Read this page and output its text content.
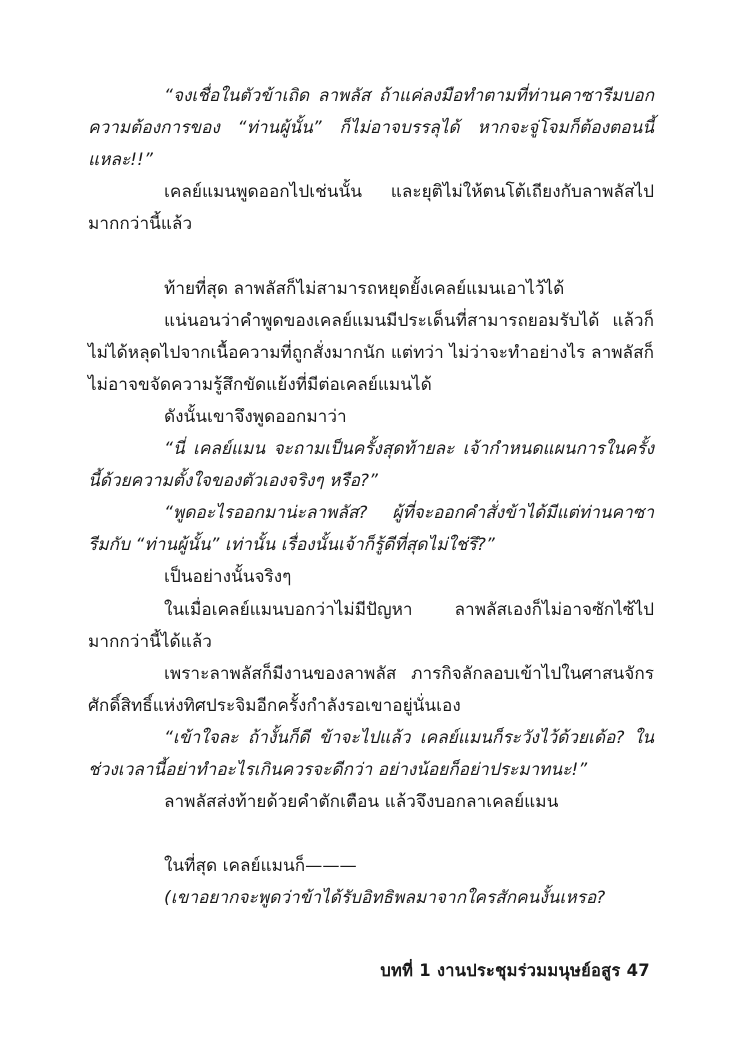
“จงเชื่อในตัวข้าเถิด ลาพลัส ถ้าแค่ลงมือทำตามที่ท่านคาซารีมบอก ความต้องการของ “ท่านผู้นั้น” ก็ไม่อาจบรรลุได้ หากจะจู่โจมก็ต้องตอนนี้แหละ!!”

เคลย์แมนพูดออกไปเช่นนั้น และยุติไม่ให้ตนโต้เถียงกับลาพลัสไปมากกว่านี้แล้ว

ท้ายที่สุด ลาพลัสก็ไม่สามารถหยุดยั้งเคลย์แมนเอาไว้ได้

แน่นอนว่าคำพูดของเคลย์แมนมีประเด็นที่สามารถยอมรับได้ แล้วก็ไม่ได้หลุดไปจากเนื้อความที่ถูกสั่งมากนัก แต่ทว่า ไม่ว่าจะทำอย่างไร ลาพลัสก็ไม่อาจขจัดความรู้สึกขัดแย้งที่มีต่อเคลย์แมนได้

ดังนั้นเขาจึงพูดออกมาว่า

“นี่ เคลย์แมน จะถามเป็นครั้งสุดท้ายละ เจ้ากำหนดแผนการในครั้งนี้ด้วยความตั้งใจของตัวเองจริงๆ หรือ?”

“พูดอะไรออกมาน่ะลาพลัส? ผู้ที่จะออกคำสั่งข้าได้มีแต่ท่านคาซารีมกับ “ท่านผู้นั้น” เท่านั้น เรื่องนั้นเจ้าก็รู้ดีที่สุดไม่ใช่รึ?”

เป็นอย่างนั้นจริงๆ

ในเมื่อเคลย์แมนบอกว่าไม่มีปัญหา ลาพลัสเองก็ไม่อาจซักไซ้ไปมากกว่านี้ได้แล้ว

เพราะลาพลัสก็มีงานของลาพลัส ภารกิจลักลอบเข้าไปในศาสนจักรศักดิ์สิทธิ์แห่งทิศประจิมอีกครั้งกำลังรอเขาอยู่นั่นเอง

“เข้าใจละ ถ้างั้นก็ดี ข้าจะไปแล้ว เคลย์แมนก็ระวังไว้ด้วยเด้อ? ในช่วงเวลานี้อย่าทำอะไรเกินควรจะดีกว่า อย่างน้อยก็อย่าประมาทนะ!”

ลาพลัสส่งท้ายด้วยคำตักเตือน แล้วจึงบอกลาเคลย์แมน

ในที่สุด เคลย์แมนก็———

(เขาอยากจะพูดว่าข้าได้รับอิทธิพลมาจากใครสักคนงั้นเหรอ?

บทที่ 1 งานประชุมร่วมมนุษย์อสูร 47
